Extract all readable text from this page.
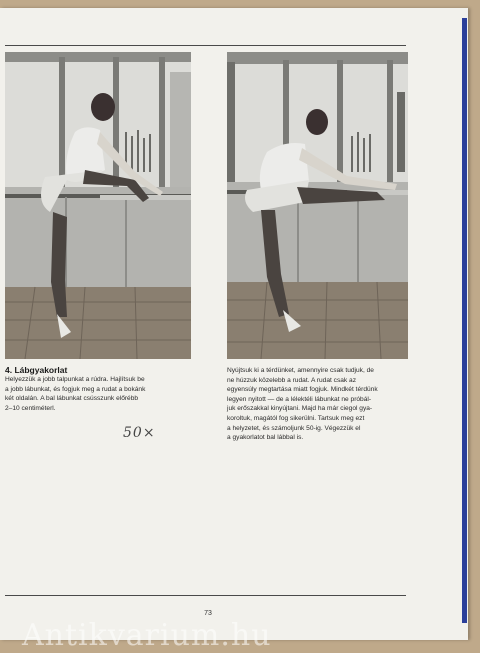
4. Lábgyakorlat
Helyezzük a jobb talpunkat a rúdra. Hajlítsuk be
a jobb lábunkat, és fogjuk meg a rudat a bokánk
két oldalán. A bal lábunkat csússzunk előrébb
2–10 centiméterl.
Nyújtsuk ki a térdünket, amennyire csak tudjuk, de
ne húzzuk közelebb a rudat. A rudat csak az
egyensúly megtartása miatt fogjuk. Mindkét térdünk
legyen nyitott — de a lélektéli lábunkat ne próbál-
juk erőszakkal kinyújtani. Majd ha már ciegol gya-
koroltuk, magától fog sikerülni. Tartsuk meg ezt
a helyzetet, és számoljunk 50-ig. Végezzük el
a gyakorlatot bal lábbal is.
50×
73
Antikvarium.hu
